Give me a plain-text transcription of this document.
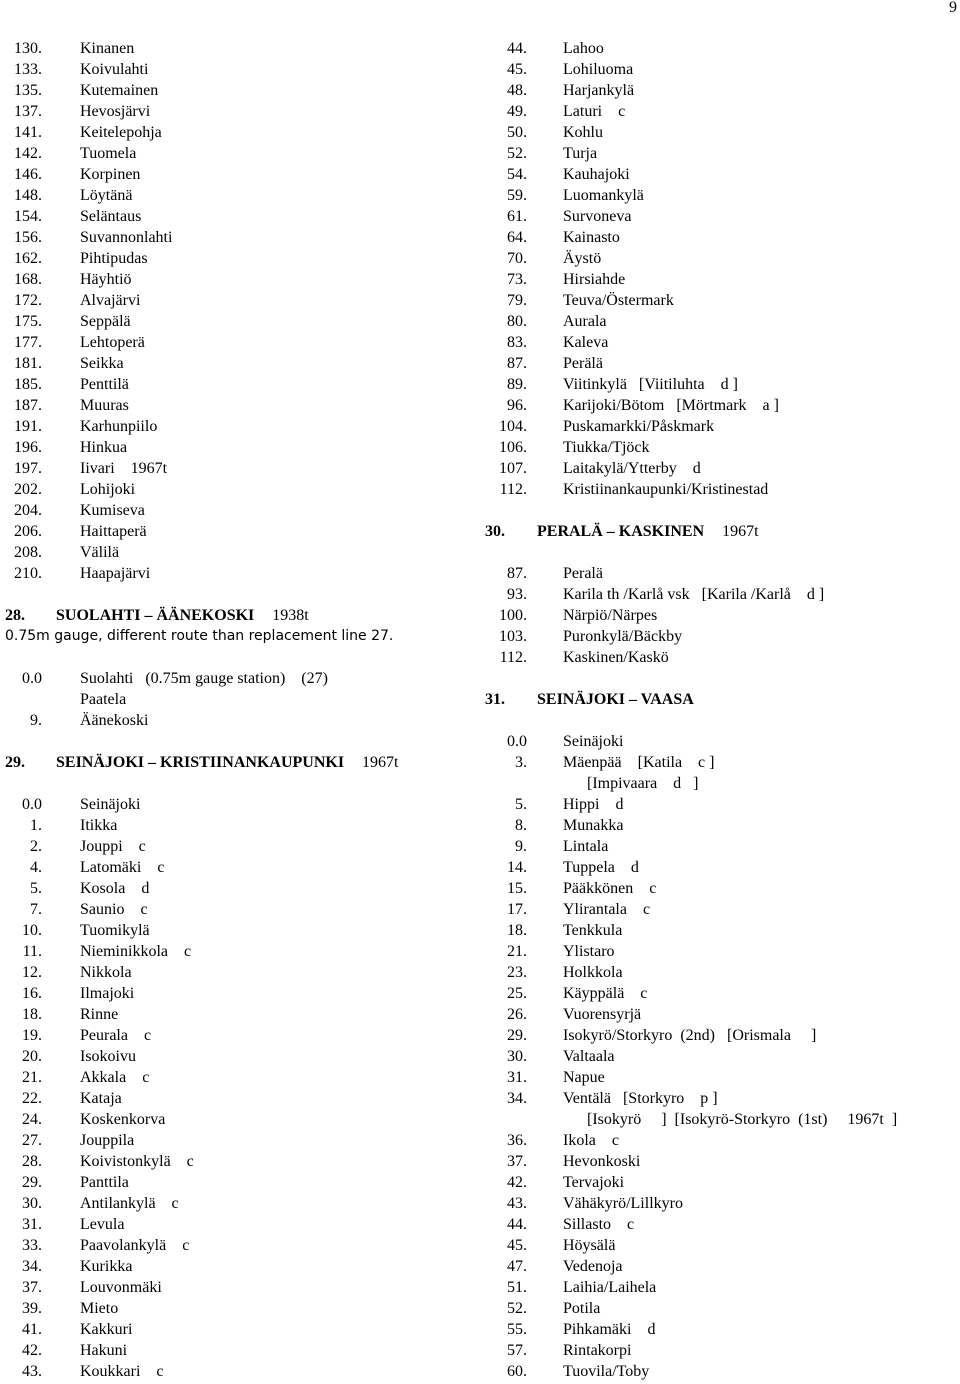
9
130. Kinanen
133. Koivulahti
135. Kutemainen
137. Hevosjärvi
141. Keitelepohja
142. Tuomela
146. Korpinen
148. Löytänä
154. Seläntaus
156. Suvannonlahti
162. Pihtipudas
168. Häyhtiö
172. Alvajärvi
175. Seppälä
177. Lehtoperä
181. Seikka
185. Penttilä
187. Muuras
191. Karhunpiilo
196. Hinkua
197. Iivari    1967t
202. Lohijoki
204. Kumiseva
206. Haittaperä
208. Välilä
210. Haapajärvi
28. SUOLAHTI – ÄÄNEKOSKI 1938t
0.75m gauge, different route than replacement line 27.
0.0 Suolahti   (0.75m gauge station)    (27)
Paatela
9. Äänekoski
29. SEINÄJOKI – KRISTIINANKAUPUNKI 1967t
0.0 Seinäjoki
1. Itikka
2. Jouppi    c
4. Latomäki    c
5. Kosola    d
7. Saunio    c
10. Tuomikylä
11. Nieminikkola    c
12. Nikkola
16. Ilmajoki
18. Rinne
19. Peurala    c
20. Isokoivu
21. Akkala    c
22. Kataja
24. Koskenkorva
27. Jouppila
28. Koivistonkylä    c
29. Panttila
30. Antilankylä    c
31. Levula
33. Paavolankylä    c
34. Kurikka
37. Louvonmäki
39. Mieto
41. Kakkuri
42. Hakuni
43. Koukkari    c
44. Lahoo
45. Lohiluoma
48. Harjankylä
49. Laturi    c
50. Kohlu
52. Turja
54. Kauhajoki
59. Luomankylä
61. Survoneva
64. Kainasto
70. Äystö
73. Hirsiahde
79. Teuva/Östermark
80. Aurala
83. Kaleva
87. Perälä
89. Viitinkylä   [Viitiluhta    d ]
96. Karijoki/Bötom   [Mörtmark    a ]
104. Puskamarkki/Påskmark
106. Tiukka/Tjöck
107. Laitakylä/Ytterby    d
112. Kristiinankaupunki/Kristinestad
30. PERALÄ – KASKINEN 1967t
87. Peralä
93. Karila th /Karlå vsk   [Karila /Karlå    d ]
100. Närpiö/Närpes
103. Puronkylä/Bäckby
112. Kaskinen/Kaskö
31. SEINÄJOKI – VAASA
0.0 Seinäjoki
3. Mäenpää    [Katila    c ]
[Impivaara    d   ]
5. Hippi    d
8. Munakka
9. Lintala
14. Tuppela    d
15. Pääkkönen    c
17. Ylirantala    c
18. Tenkkula
21. Ylistaro
23. Holkkola
25. Käyppälä    c
26. Vuorensyrjä
29. Isokyrö/Storkyro  (2nd)   [Orismala     ]
30. Valtaala
31. Napue
34. Ventälä   [Storkyro    p ]
[Isokyrö     ]  [Isokyrö-Storkyro  (1st)     1967t  ]
36. Ikola    c
37. Hevonkoski
42. Tervajoki
43. Vähäkyrö/Lillkyro
44. Sillasto    c
45. Höysälä
47. Vedenoja
51. Laihia/Laihela
52. Potila
55. Pihkamäki    d
57. Rintakorpi
60. Tuovila/Toby
